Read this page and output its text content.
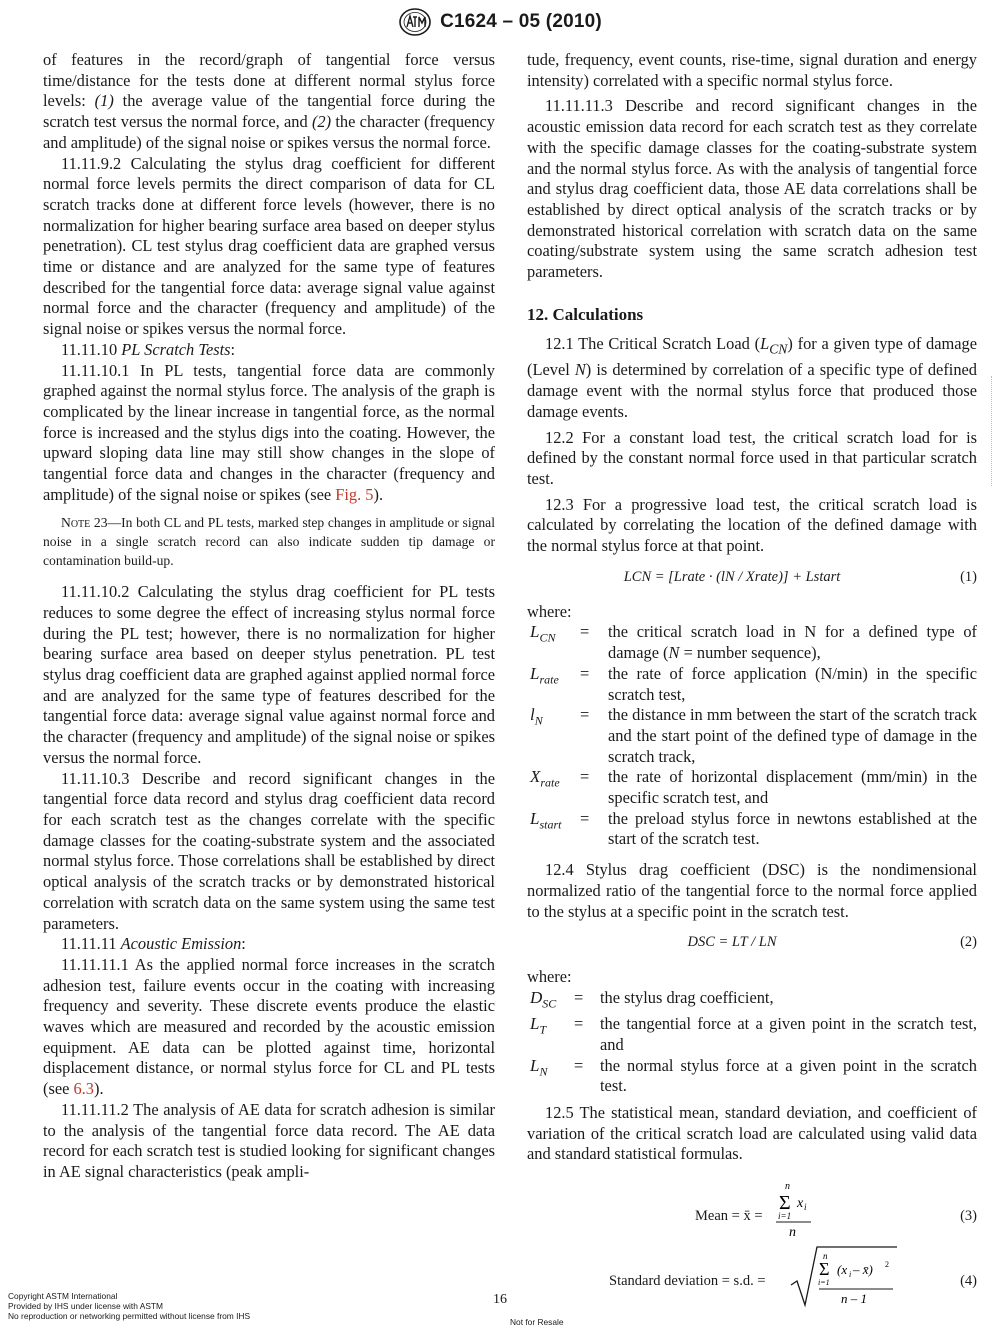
C1624 – 05 (2010)

of features in the record/graph of tangential force versus time/distance for the tests done at different normal stylus force levels: (1) the average value of the tangential force during the scratch test versus the normal force, and (2) the character (frequency and amplitude) of the signal noise or spikes versus the normal force.

11.11.9.2 Calculating the stylus drag coefficient for different normal force levels permits the direct comparison of data for CL scratch tracks done at different force levels (however, there is no normalization for higher bearing surface area based on deeper stylus penetration). CL test stylus drag coefficient data are graphed versus time or distance and are analyzed for the same type of features described for the tangential force data: average signal value against normal force and the character (frequency and amplitude) of the signal noise or spikes versus the normal force.

11.11.10 PL Scratch Tests:

11.11.10.1 In PL tests, tangential force data are commonly graphed against the normal stylus force. The analysis of the graph is complicated by the linear increase in tangential force, as the normal force is increased and the stylus digs into the coating. However, the upward sloping data line may still show changes in the slope of tangential force data and changes in the character (frequency and amplitude) of the signal noise or spikes (see Fig. 5).

Note 23—In both CL and PL tests, marked step changes in amplitude or signal noise in a single scratch record can also indicate sudden tip damage or contamination build-up.

11.11.10.2 Calculating the stylus drag coefficient for PL tests reduces to some degree the effect of increasing stylus normal force during the PL test; however, there is no normalization for higher bearing surface area based on deeper stylus penetration. PL test stylus drag coefficient data are graphed against applied normal force and are analyzed for the same type of features described for the tangential force data: average signal value against normal force and the character (frequency and amplitude) of the signal noise or spikes versus the normal force.

11.11.10.3 Describe and record significant changes in the tangential force data record and stylus drag coefficient data record for each scratch test as the changes correlate with the specific damage classes for the coating-substrate system and the associated normal stylus force. Those correlations shall be established by direct optical analysis of the scratch tracks or by demonstrated historical correlation with scratch data on the same system using the same test parameters.

11.11.11 Acoustic Emission:

11.11.11.1 As the applied normal force increases in the scratch adhesion test, failure events occur in the coating with increasing frequency and severity. These discrete events produce the elastic waves which are measured and recorded by the acoustic emission equipment. AE data can be plotted against time, horizontal displacement distance, or normal stylus force for CL and PL tests (see 6.3).

11.11.11.2 The analysis of AE data for scratch adhesion is similar to the analysis of the tangential force data record. The AE data record for each scratch test is studied looking for significant changes in AE signal characteristics (peak ampli-

tude, frequency, event counts, rise-time, signal duration and energy intensity) correlated with a specific normal stylus force.

11.11.11.3 Describe and record significant changes in the acoustic emission data record for each scratch test as they correlate with the specific damage classes for the coating-substrate system and the normal stylus force. As with the analysis of tangential force and stylus drag coefficient data, those AE data correlations shall be established by direct optical analysis of the scratch tracks or by demonstrated historical correlation with scratch data on the same coating/substrate system using the same scratch adhesion test parameters.

12. Calculations

12.1 The Critical Scratch Load $(L_{CN})$ for a given type of damage (Level N) is determined by correlation of a specific type of defined damage event with the normal stylus force that produced those damage events.

12.2 For a constant load test, the critical scratch load for is defined by the constant normal force used in that particular scratch test.

12.3 For a progressive load test, the critical scratch load is calculated by correlating the location of the defined damage with the normal stylus force at that point.

LCN = [Lrate · (lN / Xrate)] + Lstart	(1)

where:

$L_{CN}$	=	the critical scratch load in N for a defined type of damage (N = number sequence),
$L_{rate}$	=	the rate of force application (N/min) in the specific scratch test,
$l_N$	=	the distance in mm between the start of the scratch track and the start point of the defined type of damage in the scratch track,
$X_{rate}$	=	the rate of horizontal displacement (mm/min) in the specific scratch test, and
$L_{start}$	=	the preload stylus force in newtons established at the start of the scratch test.

12.4 Stylus drag coefficient (DSC) is the nondimensional normalized ratio of the tangential force to the normal force applied to the stylus at a specific point in the scratch test.

DSC = LT / LN	(2)

where:

$D_{SC}$	=	the stylus drag coefficient,
$L_T$	=	the tangential force at a given point in the scratch test, and
$L_N$	=	the normal stylus force at a given point in the scratch test.

12.5 The statistical mean, standard deviation, and coefficient of variation of the critical scratch load are calculated using valid data and standard statistical formulas.

Mean = x̄ =
n
Σ x i
i=1
n
(3)
Standard deviation = s.d. =
n
Σ (x i – x̄) 2
i=1
n – 1
(4)
Copyright ASTM International
Provided by IHS under license with ASTM
No reproduction or networking permitted without license from IHS
16
Not for Resale
